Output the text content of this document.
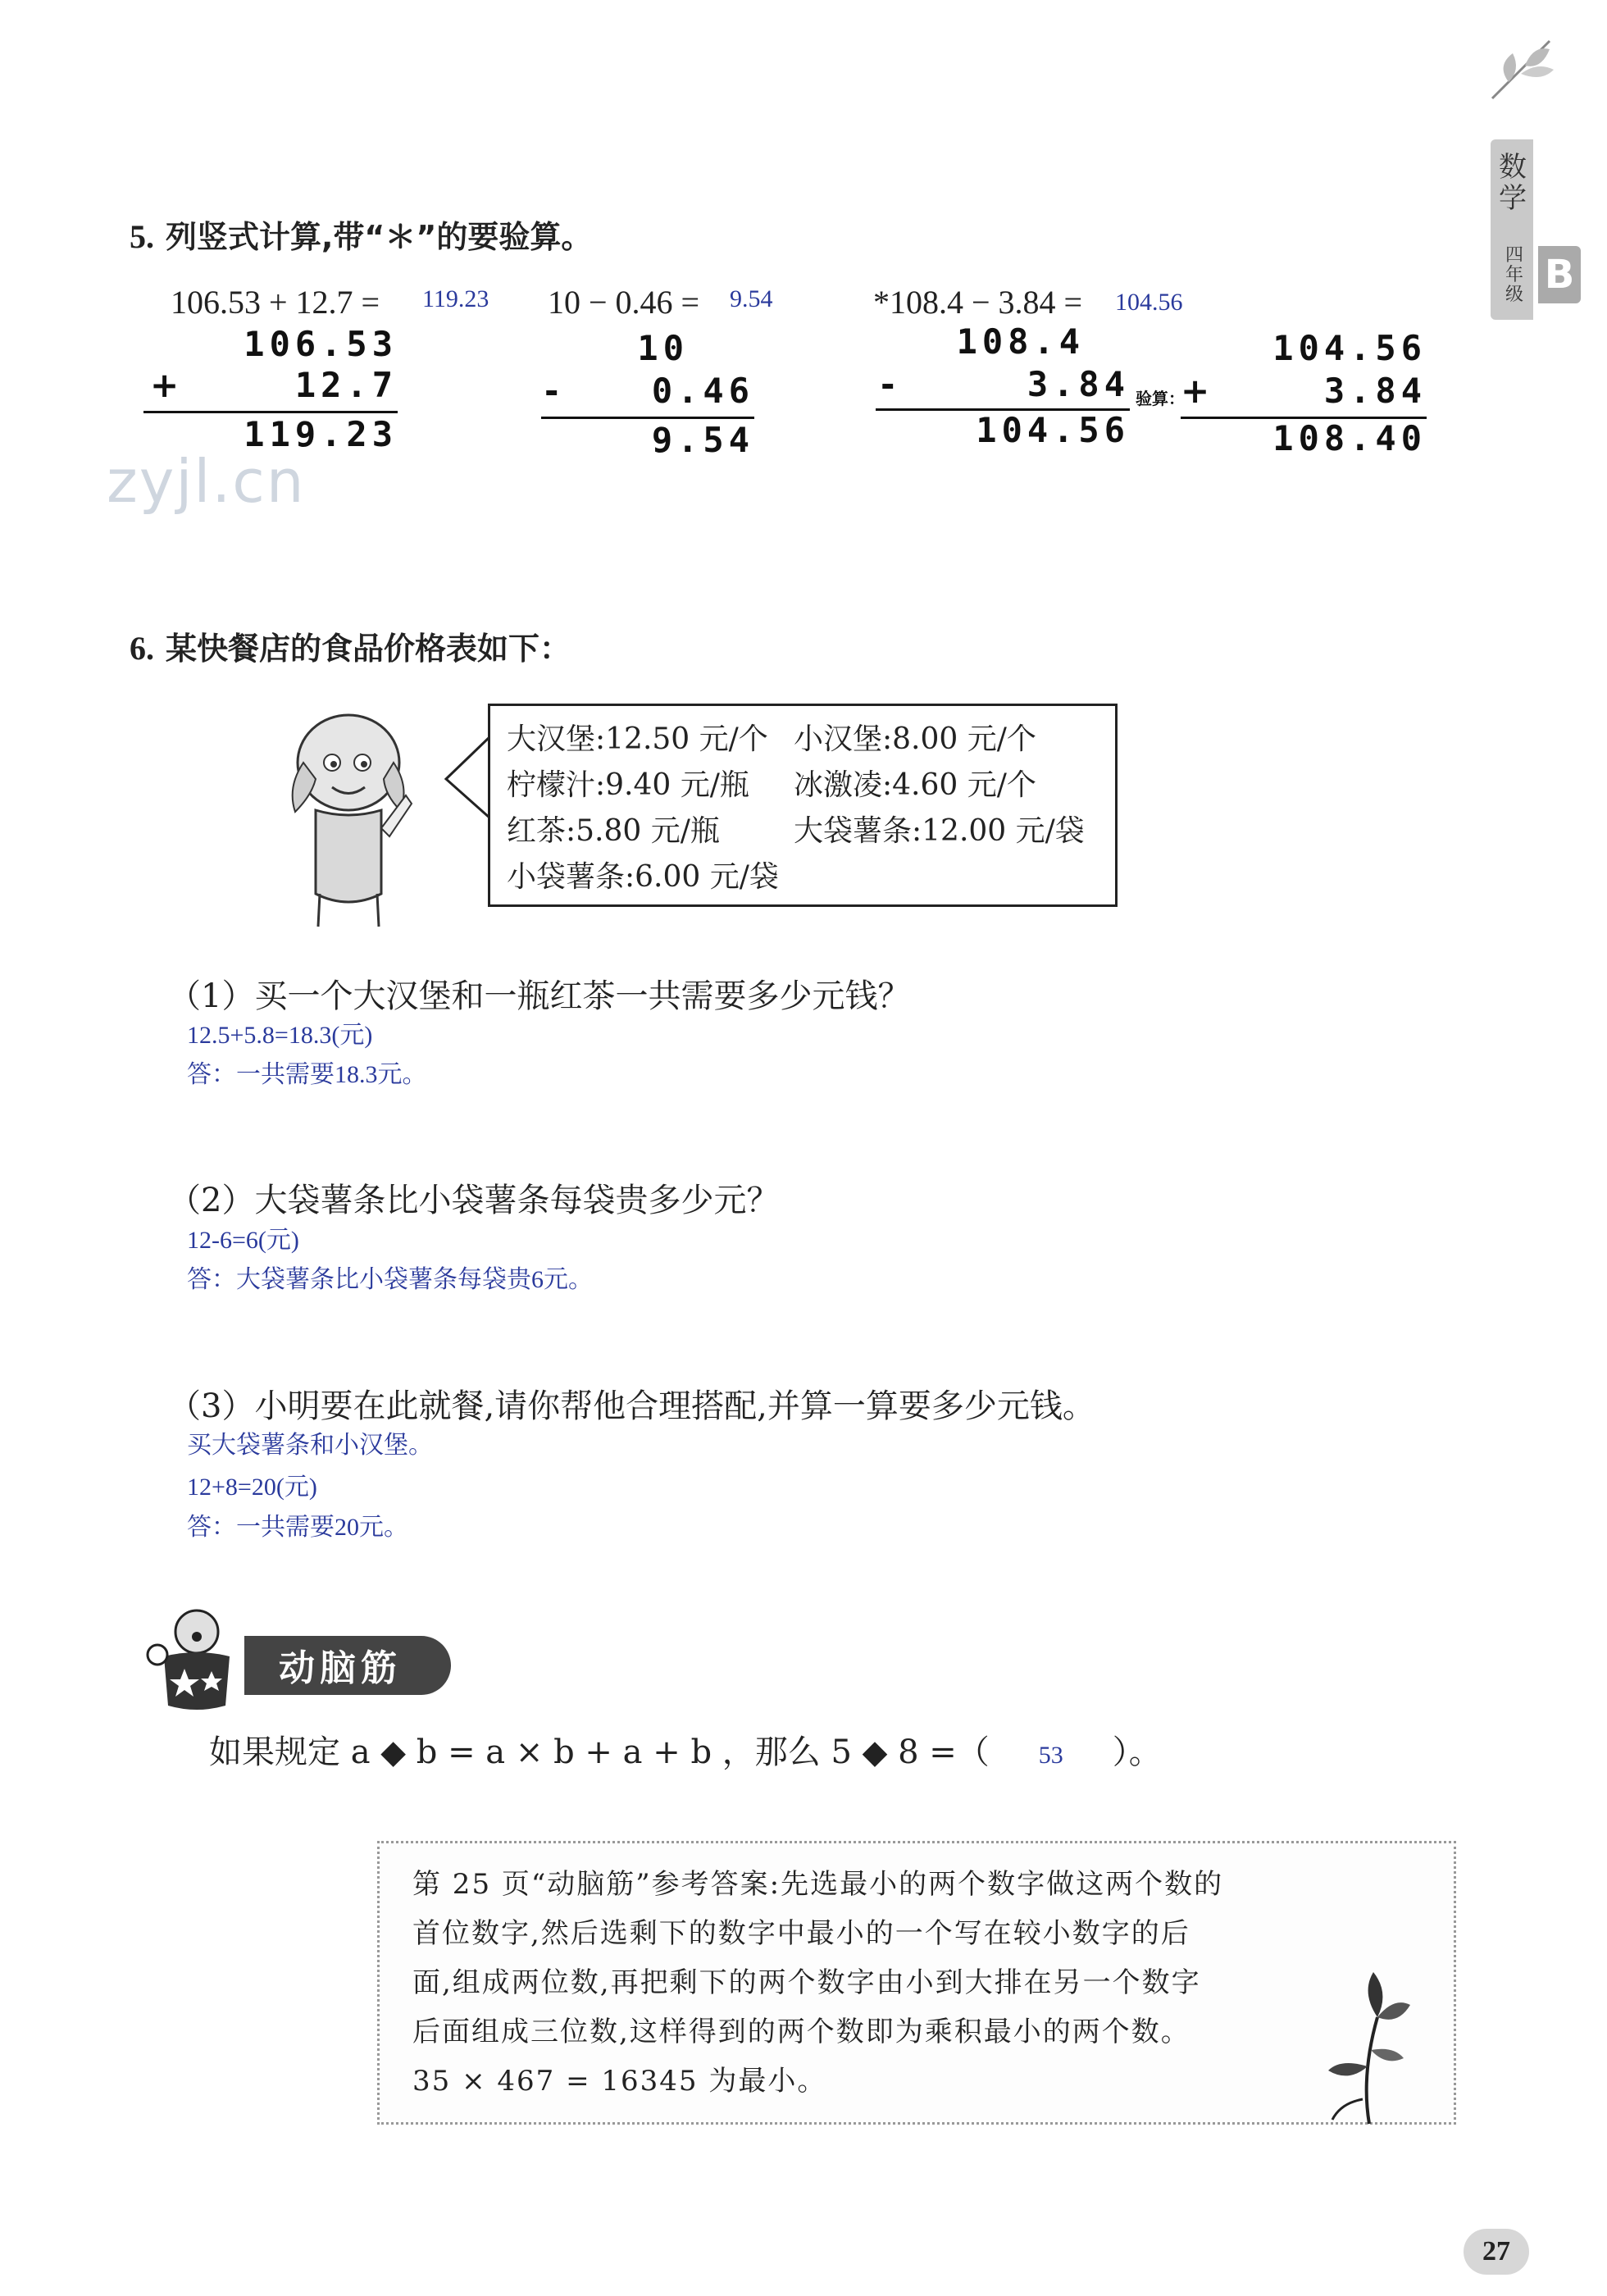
数学
四年级 B
5. 列竖式计算,带“＊”的要验算。
106.53 + 12.7 = 119.23
106.53
+	12.7
119.23
10 − 0.46 = 9.54
10
-	0.46
9.54
*108.4 − 3.84 = 104.56
108.4
-	3.84
104.56
验算：
104.56
+	3.84
108.40
zyjl.cn
6. 某快餐店的食品价格表如下：
大汉堡:12.50 元/个 小汉堡:8.00 元/个
柠檬汁:9.40 元/瓶 冰激凌:4.60 元/个
红茶:5.80 元/瓶	大袋薯条:12.00 元/袋
小袋薯条:6.00 元/袋
（1）买一个大汉堡和一瓶红茶一共需要多少元钱？
12.5+5.8=18.3(元)
答：一共需要18.3元。
（2）大袋薯条比小袋薯条每袋贵多少元？
12-6=6(元)
答：大袋薯条比小袋薯条每袋贵6元。
（3）小明要在此就餐,请你帮他合理搭配,并算一算要多少元钱。
买大袋薯条和小汉堡。
12+8=20(元)
答：一共需要20元。
动脑筋
如果规定 a ◆ b = a × b + a + b ，那么 5 ◆ 8 =（ 53 ）。
第 25 页“动脑筋”参考答案:先选最小的两个数字做这两个数的
首位数字,然后选剩下的数字中最小的一个写在较小数字的后
面,组成两位数,再把剩下的两个数字由小到大排在另一个数字
后面组成三位数,这样得到的两个数即为乘积最小的两个数。
35 × 467 = 16345 为最小。
27
